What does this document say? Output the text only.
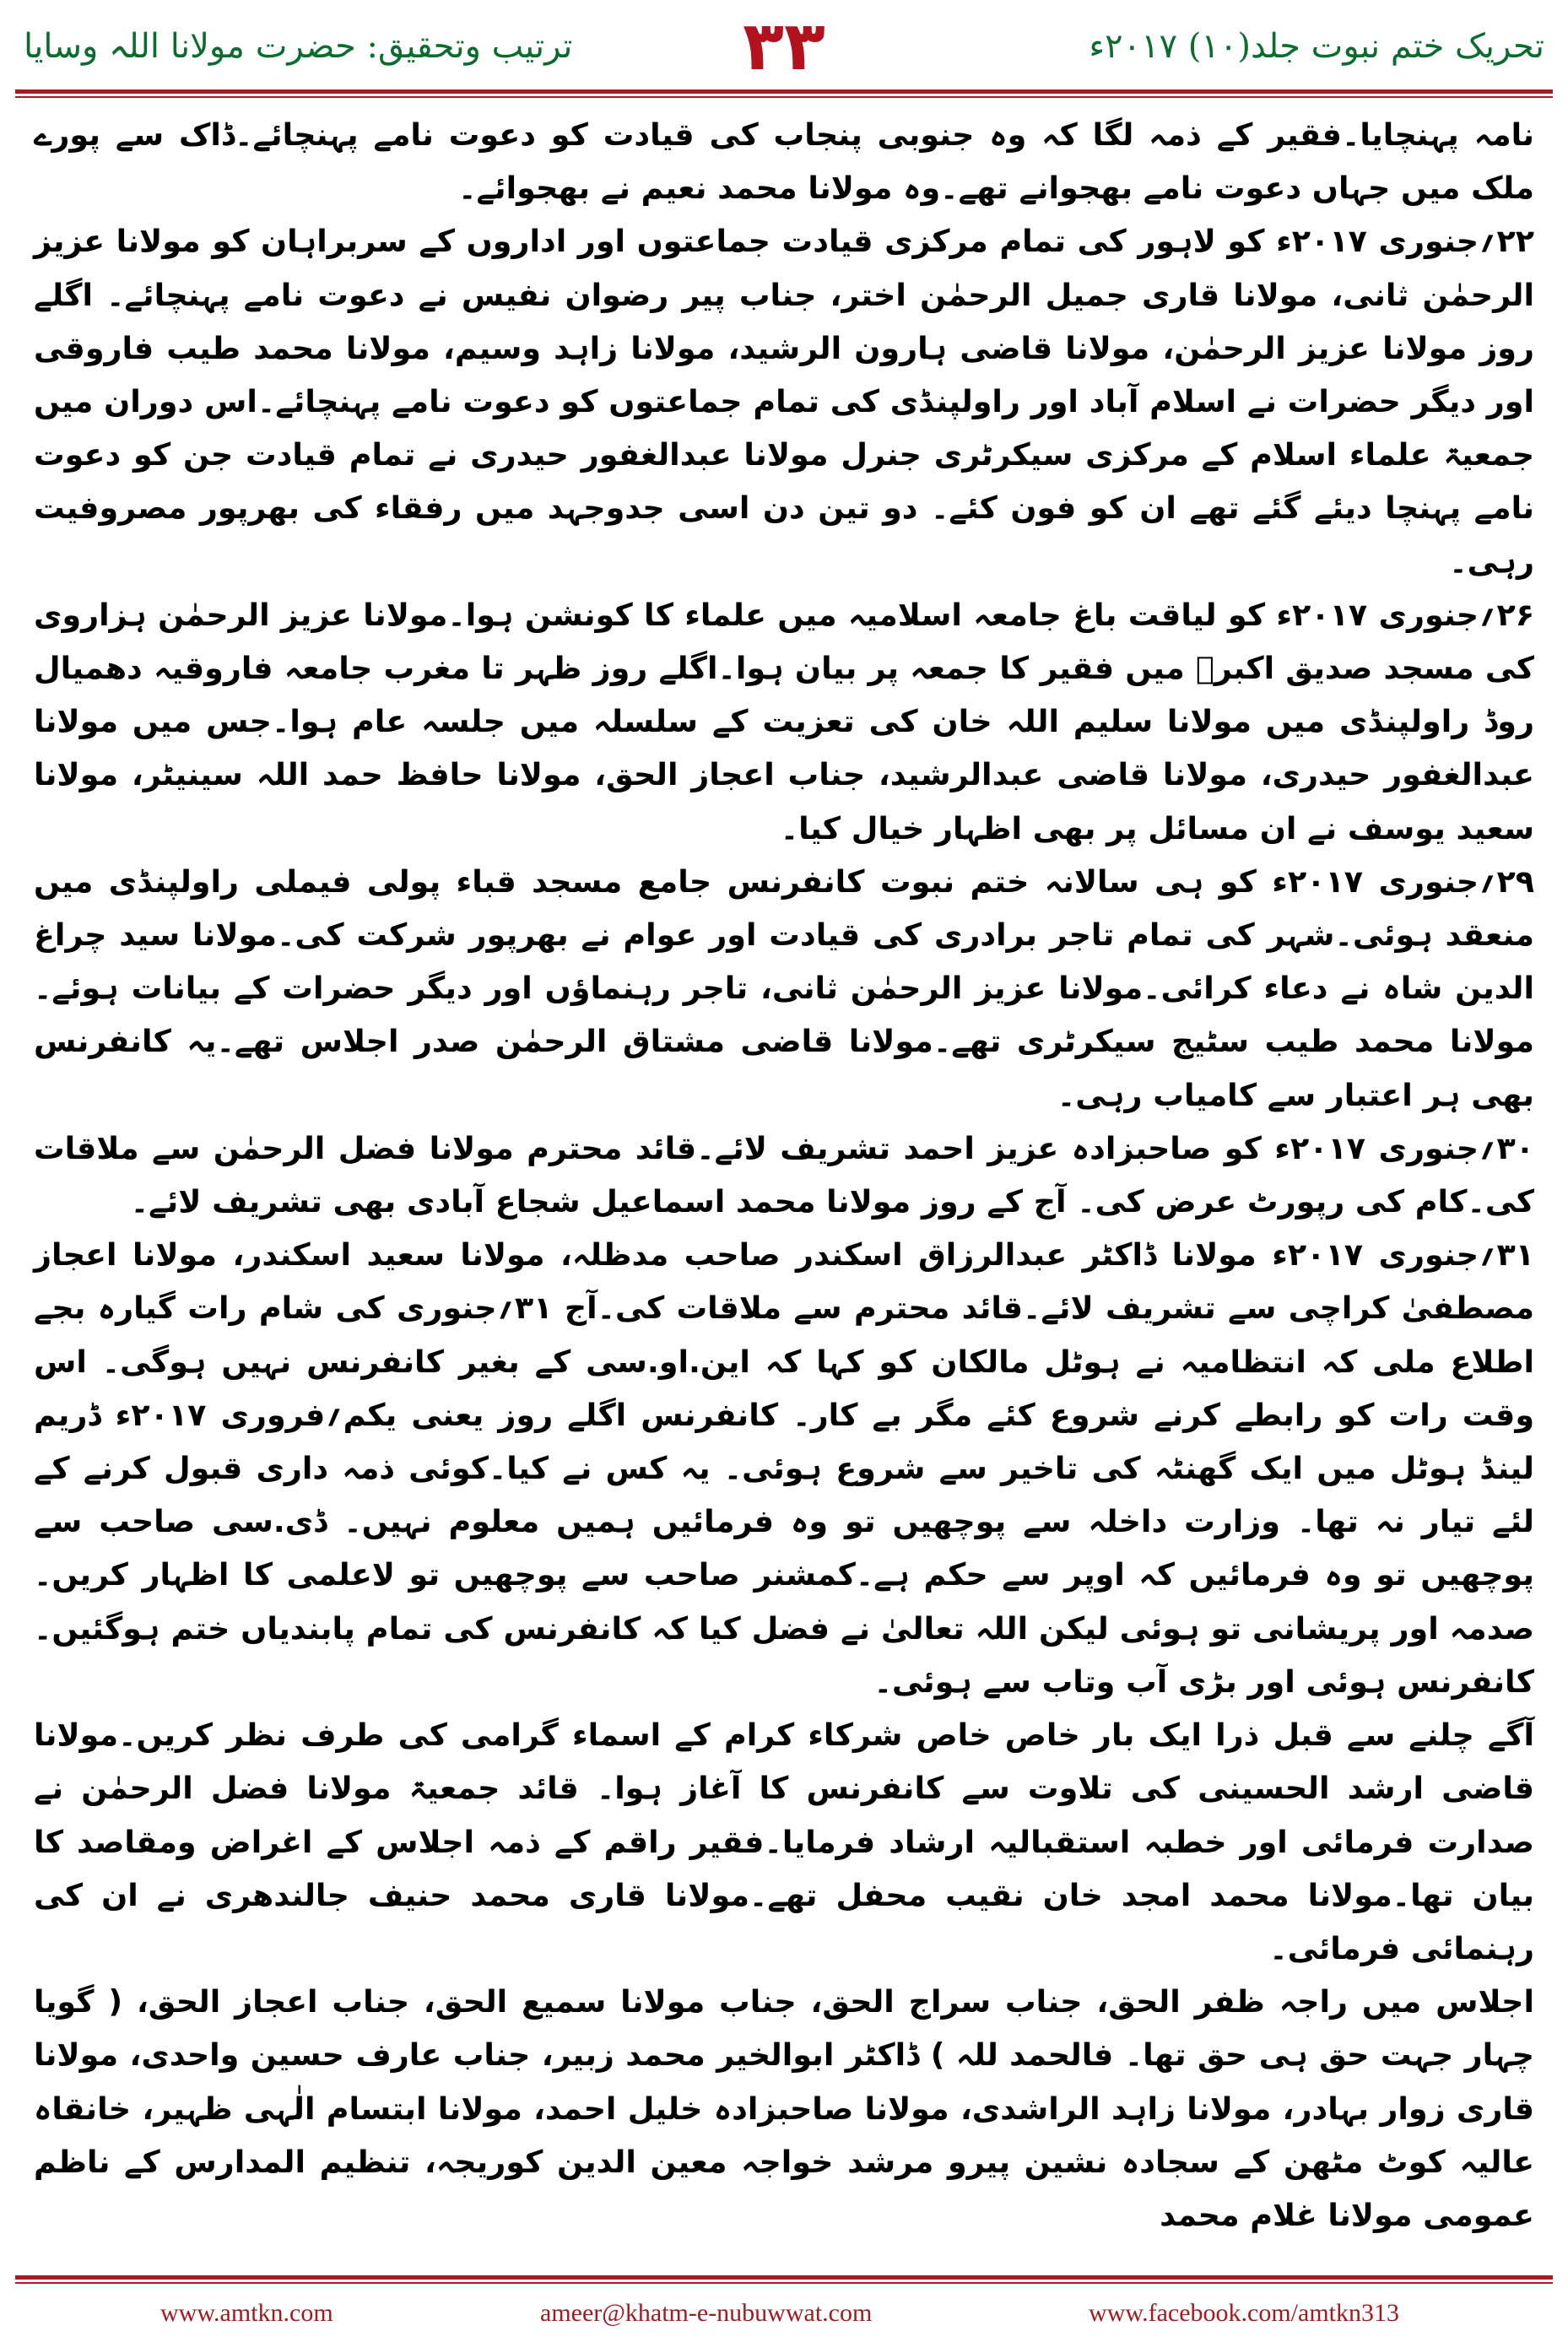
ترتیب وتحقیق: حضرت مولانا اللہ وسایا	۳۳	تحریک ختم نبوت جلد(۱۰) ۲۰۱۷ء

نامہ پہنچایا۔فقیر کے ذمہ لگا کہ وہ جنوبی پنجاب کی قیادت کو دعوت نامے پہنچائے۔ڈاک سے پورے ملک میں جہاں دعوت نامے بھجوانے تھے۔وہ مولانا محمد نعیم نے بھجوائے۔

۲۲؍جنوری ۲۰۱۷ء کو لاہور کی تمام مرکزی قیادت جماعتوں اور اداروں کے سربراہان کو مولانا عزیز الرحمٰن ثانی، مولانا قاری جمیل الرحمٰن اختر، جناب پیر رضوان نفیس نے دعوت نامے پہنچائے۔ اگلے روز مولانا عزیز الرحمٰن، مولانا قاضی ہارون الرشید، مولانا زاہد وسیم، مولانا محمد طیب فاروقی اور دیگر حضرات نے اسلام آباد اور راولپنڈی کی تمام جماعتوں کو دعوت نامے پہنچائے۔اس دوران میں جمعیۃ علماء اسلام کے مرکزی سیکرٹری جنرل مولانا عبدالغفور حیدری نے تمام قیادت جن کو دعوت نامے پہنچا دیئے گئے تھے ان کو فون کئے۔ دو تین دن اسی جدوجہد میں رفقاء کی بھرپور مصروفیت رہی۔

۲۶؍جنوری ۲۰۱۷ء کو لیاقت باغ جامعہ اسلامیہ میں علماء کا کونشن ہوا۔مولانا عزیز الرحمٰن ہزاروی کی مسجد صدیق اکبرؓ میں فقیر کا جمعہ پر بیان ہوا۔اگلے روز ظہر تا مغرب جامعہ فاروقیہ دھمیال روڈ راولپنڈی میں مولانا سلیم اللہ خان کی تعزیت کے سلسلہ میں جلسہ عام ہوا۔جس میں مولانا عبدالغفور حیدری، مولانا قاضی عبدالرشید، جناب اعجاز الحق، مولانا حافظ حمد اللہ سینیٹر، مولانا سعید یوسف نے ان مسائل پر بھی اظہار خیال کیا۔

۲۹؍جنوری ۲۰۱۷ء کو ہی سالانہ ختم نبوت کانفرنس جامع مسجد قباء پولی فیملی راولپنڈی میں منعقد ہوئی۔شہر کی تمام تاجر برادری کی قیادت اور عوام نے بھرپور شرکت کی۔مولانا سید چراغ الدین شاہ نے دعاء کرائی۔مولانا عزیز الرحمٰن ثانی، تاجر رہنماؤں اور دیگر حضرات کے بیانات ہوئے۔مولانا محمد طیب سٹیج سیکرٹری تھے۔مولانا قاضی مشتاق الرحمٰن صدر اجلاس تھے۔یہ کانفرنس بھی ہر اعتبار سے کامیاب رہی۔

۳۰؍جنوری ۲۰۱۷ء کو صاحبزادہ عزیز احمد تشریف لائے۔قائد محترم مولانا فضل الرحمٰن سے ملاقات کی۔کام کی رپورٹ عرض کی۔ آج کے روز مولانا محمد اسماعیل شجاع آبادی بھی تشریف لائے۔

۳۱؍جنوری ۲۰۱۷ء مولانا ڈاکٹر عبدالرزاق اسکندر صاحب مدظلہ، مولانا سعید اسکندر، مولانا اعجاز مصطفیٰ کراچی سے تشریف لائے۔قائد محترم سے ملاقات کی۔آج ۳۱؍جنوری کی شام رات گیارہ بجے اطلاع ملی کہ انتظامیہ نے ہوٹل مالکان کو کہا کہ این.او.سی کے بغیر کانفرنس نہیں ہوگی۔ اس وقت رات کو رابطے کرنے شروع کئے مگر بے کار۔ کانفرنس اگلے روز یعنی یکم؍فروری ۲۰۱۷ء ڈریم لینڈ ہوٹل میں ایک گھنٹہ کی تاخیر سے شروع ہوئی۔ یہ کس نے کیا۔کوئی ذمہ داری قبول کرنے کے لئے تیار نہ تھا۔ وزارت داخلہ سے پوچھیں تو وہ فرمائیں ہمیں معلوم نہیں۔ ڈی.سی صاحب سے پوچھیں تو وہ فرمائیں کہ اوپر سے حکم ہے۔کمشنر صاحب سے پوچھیں تو لاعلمی کا اظہار کریں۔صدمہ اور پریشانی تو ہوئی لیکن اللہ تعالیٰ نے فضل کیا کہ کانفرنس کی تمام پابندیاں ختم ہوگئیں۔کانفرنس ہوئی اور بڑی آب وتاب سے ہوئی۔

آگے چلنے سے قبل ذرا ایک بار خاص خاص شرکاء کرام کے اسماء گرامی کی طرف نظر کریں۔مولانا قاضی ارشد الحسینی کی تلاوت سے کانفرنس کا آغاز ہوا۔ قائد جمعیۃ مولانا فضل الرحمٰن نے صدارت فرمائی اور خطبہ استقبالیہ ارشاد فرمایا۔فقیر راقم کے ذمہ اجلاس کے اغراض ومقاصد کا بیان تھا۔مولانا محمد امجد خان نقیب محفل تھے۔مولانا قاری محمد حنیف جالندھری نے ان کی رہنمائی فرمائی۔

اجلاس میں راجہ ظفر الحق، جناب سراج الحق، جناب مولانا سمیع الحق، جناب اعجاز الحق، ( گویا چہار جہت حق ہی حق تھا۔ فالحمد للہ ) ڈاکٹر ابوالخیر محمد زبیر، جناب عارف حسین واحدی، مولانا قاری زوار بہادر، مولانا زاہد الراشدی، مولانا صاحبزادہ خلیل احمد، مولانا ابتسام الٰہی ظہیر، خانقاہ عالیہ کوٹ مٹھن کے سجادہ نشین پیرو مرشد خواجہ معین الدین کوریجہ، تنظیم المدارس کے ناظم عمومی مولانا غلام محمد

www.amtkn.com	ameer@khatm-e-nubuwwat.com	www.facebook.com/amtkn313
